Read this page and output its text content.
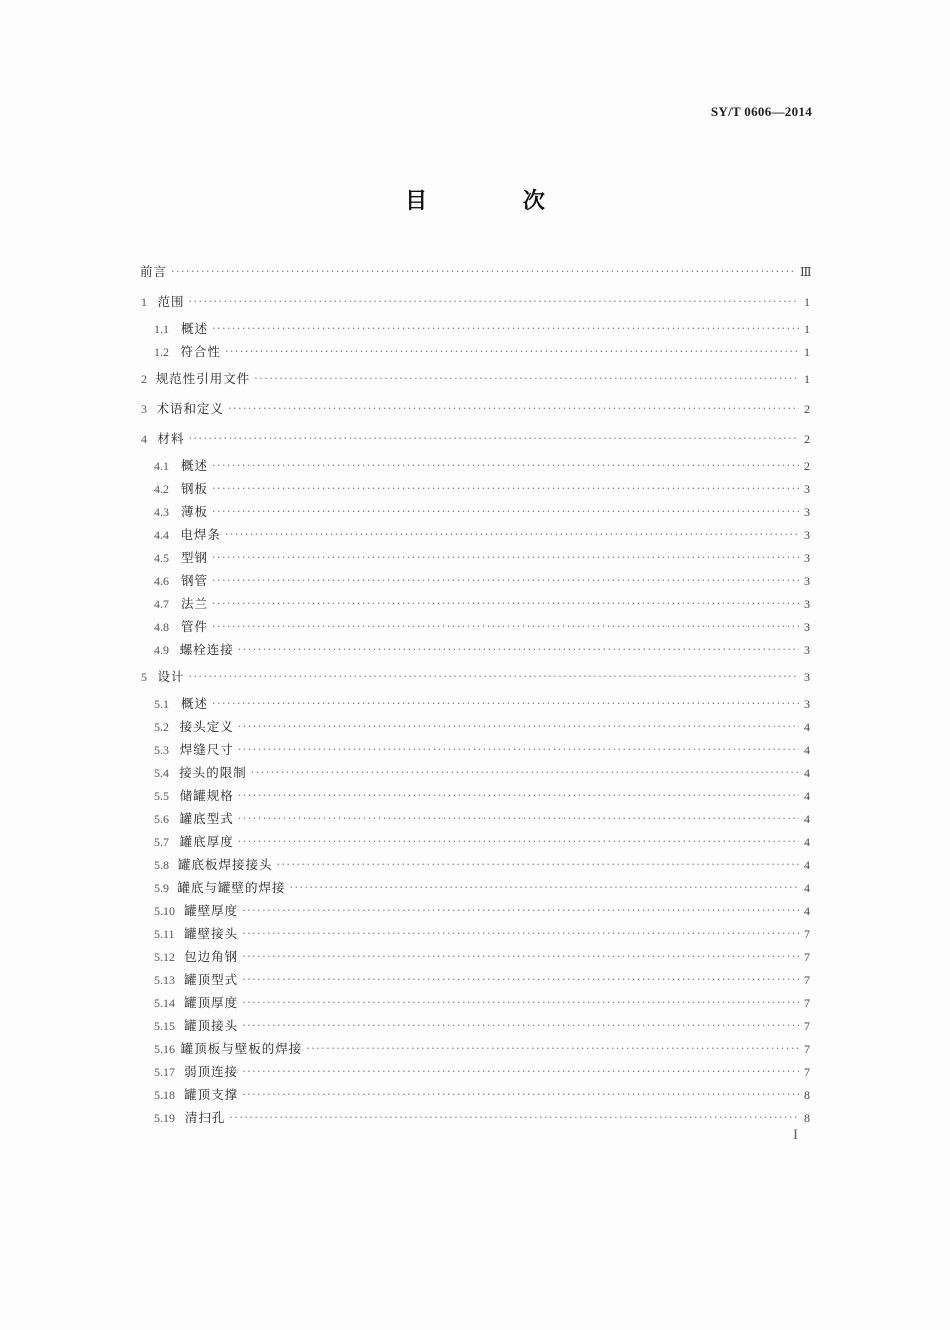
SY/T 0606—2014
目 次
前言 ·····	Ⅲ
1 范围 ·····	1
1.1 概述 ·····	1
1.2 符合性 ·····	1
2 规范性引用文件 ·····	1
3 术语和定义 ·····	2
4 材料 ·····	2
4.1 概述 ·····	2
4.2 钢板 ·····	3
4.3 薄板 ·····	3
4.4 电焊条 ·····	3
4.5 型钢 ·····	3
4.6 钢管 ·····	3
4.7 法兰 ·····	3
4.8 管件 ·····	3
4.9 螺栓连接 ·····	3
5 设计 ·····	3
5.1 概述 ·····	3
5.2 接头定义 ·····	4
5.3 焊缝尺寸 ·····	4
5.4 接头的限制 ·····	4
5.5 储罐规格 ·····	4
5.6 罐底型式 ·····	4
5.7 罐底厚度 ·····	4
5.8 罐底板焊接接头 ·····	4
5.9 罐底与罐壁的焊接 ·····	4
5.10 罐壁厚度 ·····	4
5.11 罐壁接头 ·····	7
5.12 包边角钢 ·····	7
5.13 罐顶型式 ·····	7
5.14 罐顶厚度 ·····	7
5.15 罐顶接头 ·····	7
5.16 罐顶板与壁板的焊接 ·····	7
5.17 弱顶连接 ·····	7
5.18 罐顶支撑 ·····	8
5.19 清扫孔 ·····	8
I
